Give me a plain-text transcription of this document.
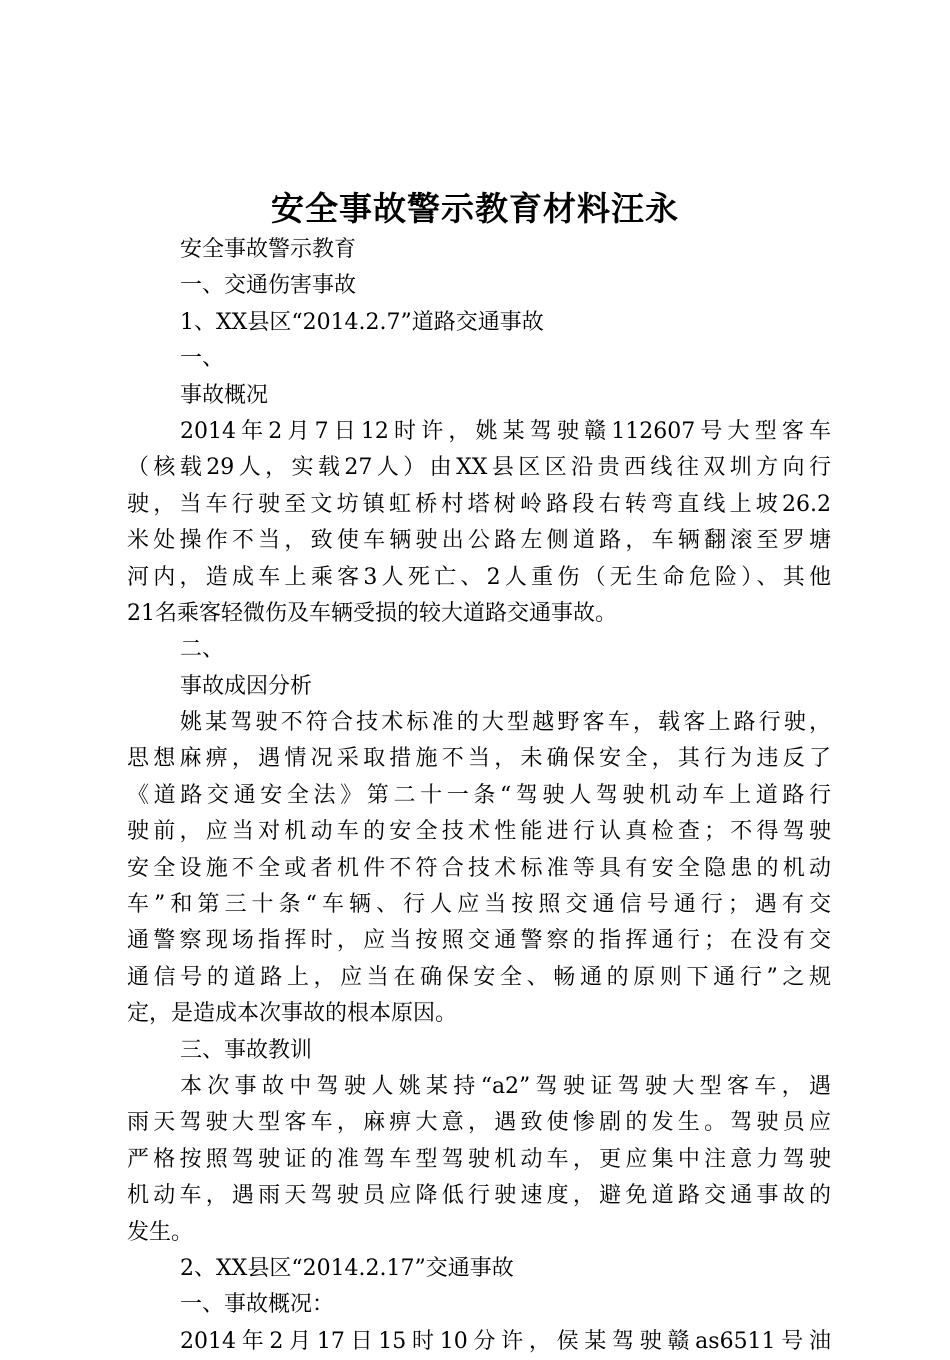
安全事故警示教育材料汪永
安全事故警示教育
一、交通伤害事故
1、XX县区“2014.2.7”道路交通事故
一、
事故概况
2014年2月7日12时许，姚某驾驶赣112607号大型客车
（核载29人，实载27人）由XX县区区沿贵西线往双圳方向行
驶，当车行驶至文坊镇虹桥村塔树岭路段右转弯直线上坡26.2
米处操作不当，致使车辆驶出公路左侧道路，车辆翻滚至罗塘
河内，造成车上乘客3人死亡、2人重伤（无生命危险）、其他
21名乘客轻微伤及车辆受损的较大道路交通事故。
二、
事故成因分析
姚某驾驶不符合技术标准的大型越野客车，载客上路行驶，
思想麻痹，遇情况采取措施不当，未确保安全，其行为违反了
《道路交通安全法》第二十一条“驾驶人驾驶机动车上道路行
驶前，应当对机动车的安全技术性能进行认真检查；不得驾驶
安全设施不全或者机件不符合技术标准等具有安全隐患的机动
车”和第三十条“车辆、行人应当按照交通信号通行；遇有交
通警察现场指挥时，应当按照交通警察的指挥通行；在没有交
通信号的道路上，应当在确保安全、畅通的原则下通行”之规
定，是造成本次事故的根本原因。
三、事故教训
本次事故中驾驶人姚某持“a2”驾驶证驾驶大型客车，遇
雨天驾驶大型客车，麻痹大意，遇致使惨剧的发生。驾驶员应
严格按照驾驶证的准驾车型驾驶机动车，更应集中注意力驾驶
机动车，遇雨天驾驶员应降低行驶速度，避免道路交通事故的
发生。
2、XX县区“2014.2.17”交通事故
一、事故概况：
2014年2月17日15时10分许，侯某驾驶赣as6511号油
